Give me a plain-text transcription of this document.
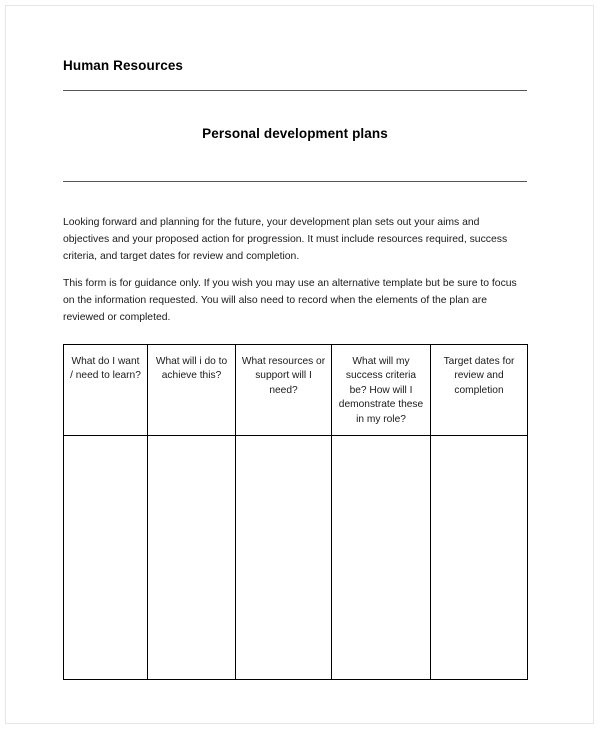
Human Resources
Personal development plans
Looking forward and planning for the future, your development plan sets out your aims and objectives and your proposed action for progression. It must include resources required, success criteria, and target dates for review and completion.
This form is for guidance only. If you wish you may use an alternative template but be sure to focus on the information requested. You will also need to record when the elements of the plan are reviewed or completed.
What do I want / need to learn?	What will i do to achieve this?	What resources or support will I need?	What will my success criteria be? How will I demonstrate these in my role?	Target dates for review and completion
